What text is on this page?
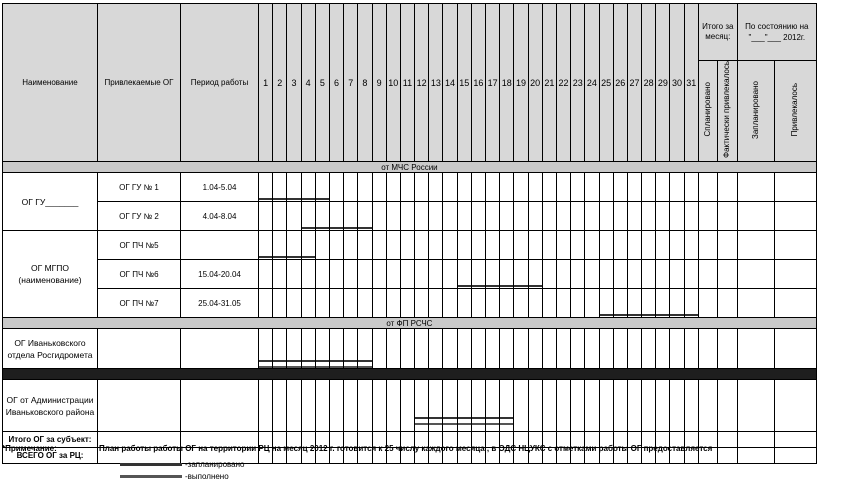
Наименование	Привлекаемые ОГ	Период работы	1	2	3	4	5	6	7	8	9	10	11	12	13	14	15	16	17	18	19	20	21	22	23	24	25	26	27	28	29	30	31	Итого за месяц:		По состоянию на
"___"___ 2012г.	

																																		Спланировано	Фактически привлекалось	Запланировано	Привлекалось
от МЧС России																																					
ОГ ГУ_______	ОГ ГУ № 1	1.04-5.04	

	ОГ ГУ № 2	4.04-8.04				

ОГ МГПО (наименование)	ОГ ПЧ №5		

	ОГ ПЧ №6	15.04-20.04															

	ОГ ПЧ №7	25.04-31.05																									

от ФП РСЧС																																					
ОГ Иваньковского отдела Росгидромета			

ОГ от Администрации Иваньковского района														

Итого ОГ за субъект:																																					
ВСЕГО ОГ за РЦ:																																					
*Примечание:	План работы работы ОГ на территории РЦ на месяц 2012 г. готовится к 25 числу каждого месяца , в ОДС НЦУКС с отметками работы ОГ предоставляется
-запланировано
-выполнено
